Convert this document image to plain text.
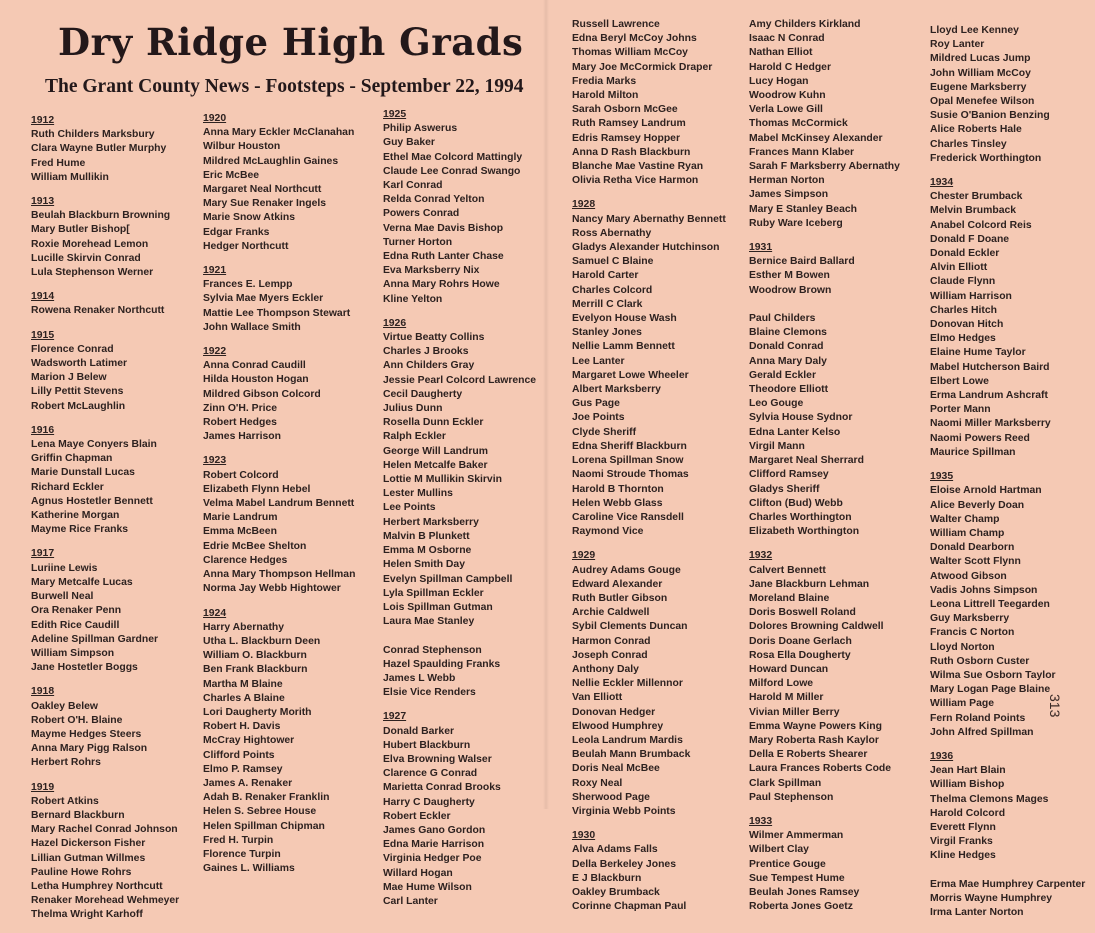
Dry Ridge High Grads
The Grant County News - Footsteps - September 22, 1994
1912
Ruth Childers Marksbury
Clara Wayne Butler Murphy
Fred Hume
William Mullikin
1913
Beulah Blackburn Browning
Mary Butler Bishop[
Roxie Morehead Lemon
Lucille Skirvin Conrad
Lula Stephenson Werner
1914
Rowena Renaker Northcutt
1915
Florence Conrad
Wadsworth Latimer
Marion J Belew
Lilly Pettit Stevens
Robert McLaughlin
1916
Lena Maye Conyers Blain
Griffin Chapman
Marie Dunstall Lucas
Richard Eckler
Agnus Hostetler Bennett
Katherine Morgan
Mayme Rice Franks
1917
Luriine Lewis
Mary Metcalfe Lucas
Burwell Neal
Ora Renaker Penn
Edith Rice Caudill
Adeline Spillman Gardner
William Simpson
Jane Hostetler Boggs
1918
Oakley Belew
Robert O'H. Blaine
Mayme Hedges Steers
Anna Mary Pigg Ralson
Herbert Rohrs
1919
Robert Atkins
Bernard Blackburn
Mary Rachel Conrad Johnson
Hazel Dickerson Fisher
Lillian Gutman Willmes
Pauline Howe Rohrs
Letha Humphrey Northcutt
Renaker Morehead Wehmeyer
Thelma Wright Karhoff
1920
Anna Mary Eckler McClanahan
Wilbur Houston
Mildred McLaughlin Gaines
Eric McBee
Margaret Neal Northcutt
Mary Sue Renaker Ingels
Marie Snow Atkins
Edgar Franks
Hedger Northcutt
1921
Frances E. Lempp
Sylvia Mae Myers Eckler
Mattie Lee Thompson Stewart
John Wallace Smith
1922
Anna Conrad Caudill
Hilda Houston Hogan
Mildred Gibson Colcord
Zinn O'H. Price
Robert Hedges
James Harrison
1923
Robert Colcord
Elizabeth Flynn Hebel
Velma Mabel Landrum Bennett
Marie Landrum
Emma McBeen
Edrie McBee Shelton
Clarence Hedges
Anna Mary Thompson Hellman
Norma Jay Webb Hightower
1924
Harry Abernathy
Utha L. Blackburn Deen
William O. Blackburn
Ben Frank Blackburn
Martha M Blaine
Charles A Blaine
Lori Daugherty Morith
Robert H. Davis
McCray Hightower
Clifford Points
Elmo P. Ramsey
James A. Renaker
Adah B. Renaker Franklin
Helen S. Sebree House
Helen Spillman Chipman
Fred H. Turpin
Florence Turpin
Gaines L. Williams
1925
Philip Aswerus
Guy Baker
Ethel Mae Colcord Mattingly
Claude Lee Conrad Swango
Karl Conrad
Relda Conrad Yelton
Powers Conrad
Verna Mae Davis Bishop
Turner Horton
Edna Ruth Lanter Chase
Eva Marksberry Nix
Anna Mary Rohrs Howe
Kline Yelton
1926
Virtue Beatty Collins
Charles J Brooks
Ann Childers Gray
Jessie Pearl Colcord Lawrence
Cecil Daugherty
Julius Dunn
Rosella Dunn Eckler
Ralph Eckler
George Will Landrum
Helen Metcalfe Baker
Lottie M Mullikin Skirvin
Lester Mullins
Lee Points
Herbert Marksberry
Malvin B Plunkett
Emma M Osborne
Helen Smith Day
Evelyn Spillman Campbell
Lyla Spillman Eckler
Lois Spillman Gutman
Laura Mae Stanley

Conrad Stephenson
Hazel Spaulding Franks
James L Webb
Elsie Vice Renders
1927
Donald Barker
Hubert Blackburn
Elva Browning Walser
Clarence G Conrad
Marietta Conrad Brooks
Harry C Daugherty
Robert Eckler
James Gano Gordon
Edna Marie Harrison
Virginia Hedger Poe
Willard Hogan
Mae Hume Wilson
Carl Lanter
Russell Lawrence
Edna Beryl McCoy Johns
Thomas William McCoy
Mary Joe McCormick Draper
Fredia Marks
Harold Milton
Sarah Osborn McGee
Ruth Ramsey Landrum
Edris Ramsey Hopper
Anna D Rash Blackburn
Blanche Mae Vastine Ryan
Olivia Retha Vice Harmon
1928
Nancy Mary Abernathy Bennett
Ross Abernathy
Gladys Alexander Hutchinson
Samuel C Blaine
Harold Carter
Charles Colcord
Merrill C Clark
Evelyon House Wash
Stanley Jones
Nellie Lamm Bennett
Lee Lanter
Margaret Lowe Wheeler
Albert Marksberry
Gus Page
Joe Points
Clyde Sheriff
Edna Sheriff Blackburn
Lorena Spillman Snow
Naomi Stroude Thomas
Harold B Thornton
Helen Webb Glass
Caroline Vice Ransdell
Raymond Vice
1929
Audrey Adams Gouge
Edward Alexander
Ruth Butler Gibson
Archie Caldwell
Sybil Clements Duncan
Harmon Conrad
Joseph Conrad
Anthony Daly
Nellie Eckler Millennor
Van Elliott
Donovan Hedger
Elwood Humphrey
Leola Landrum Mardis
Beulah Mann Brumback
Doris Neal McBee
Roxy Neal
Sherwood Page
Virginia Webb Points
1930
Alva Adams Falls
Della Berkeley Jones
E J Blackburn
Oakley Brumback
Corinne Chapman Paul
Amy Childers Kirkland
Isaac N Conrad
Nathan Elliot
Harold C Hedger
Lucy Hogan
Woodrow Kuhn
Verla Lowe Gill
Thomas McCormick
Mabel McKinsey Alexander
Frances Mann Klaber
Sarah F Marksberry Abernathy
Herman Norton
James Simpson
Mary E Stanley Beach
Ruby Ware Iceberg
1931
Bernice Baird Ballard
Esther M Bowen
Woodrow Brown

Paul Childers
Blaine Clemons
Donald Conrad
Anna Mary Daly
Gerald Eckler
Theodore Elliott
Leo Gouge
Sylvia House Sydnor
Edna Lanter Kelso
Virgil Mann
Margaret Neal Sherrard
Clifford Ramsey
Gladys Sheriff
Clifton (Bud) Webb
Charles Worthington
Elizabeth Worthington
1932
Calvert Bennett
Jane Blackburn Lehman
Moreland Blaine
Doris Boswell Roland
Dolores Browning Caldwell
Doris Doane Gerlach
Rosa Ella Dougherty
Howard Duncan
Milford Lowe
Harold M Miller
Vivian Miller Berry
Emma Wayne Powers King
Mary Roberta Rash Kaylor
Della E Roberts Shearer
Laura Frances Roberts Code
Clark Spillman
Paul Stephenson
1933
Wilmer Ammerman
Wilbert Clay
Prentice Gouge
Sue Tempest Hume
Beulah Jones Ramsey
Roberta Jones Goetz
Lloyd Lee Kenney
Roy Lanter
Mildred Lucas Jump
John William McCoy
Eugene Marksberry
Opal Menefee Wilson
Susie O'Banion Benzing
Alice Roberts Hale
Charles Tinsley
Frederick Worthington
1934
Chester Brumback
Melvin Brumback
Anabel Colcord Reis
Donald F Doane
Donald Eckler
Alvin Elliott
Claude Flynn
William Harrison
Charles Hitch
Donovan Hitch
Elmo Hedges
Elaine Hume Taylor
Mabel Hutcherson Baird
Elbert Lowe
Erma Landrum Ashcraft
Porter Mann
Naomi Miller Marksberry
Naomi Powers Reed
Maurice Spillman
1935
Eloise Arnold Hartman
Alice Beverly Doan
Walter Champ
William Champ
Donald Dearborn
Walter Scott Flynn
Atwood Gibson
Vadis Johns Simpson
Leona Littrell Teegarden
Guy Marksberry
Francis C Norton
Lloyd Norton
Ruth Osborn Custer
Wilma Sue Osborn Taylor
Mary Logan Page Blaine
William Page
Fern Roland Points
John Alfred Spillman
1936
Jean Hart Blain
William Bishop
Thelma Clemons Mages
Harold Colcord
Everett Flynn
Virgil Franks
Kline Hedges

Erma Mae Humphrey Carpenter
Morris Wayne Humphrey
Irma Lanter Norton
313
